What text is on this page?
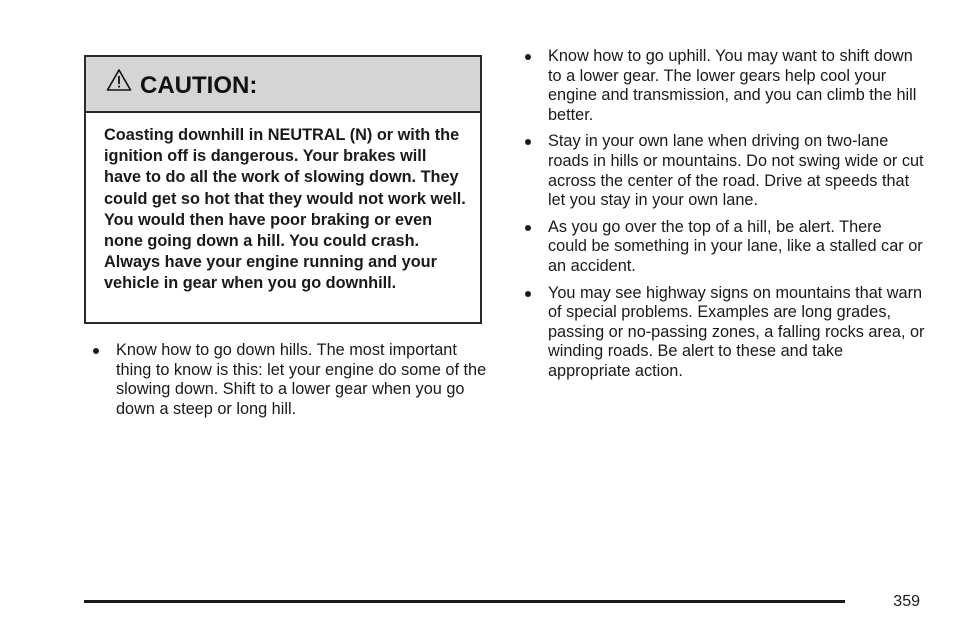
CAUTION:
Coasting downhill in NEUTRAL (N) or with the ignition off is dangerous. Your brakes will have to do all the work of slowing down. They could get so hot that they would not work well. You would then have poor braking or even none going down a hill. You could crash. Always have your engine running and your vehicle in gear when you go downhill.
Know how to go down hills. The most important thing to know is this: let your engine do some of the slowing down. Shift to a lower gear when you go down a steep or long hill.
Know how to go uphill. You may want to shift down to a lower gear. The lower gears help cool your engine and transmission, and you can climb the hill better.
Stay in your own lane when driving on two-lane roads in hills or mountains. Do not swing wide or cut across the center of the road. Drive at speeds that let you stay in your own lane.
As you go over the top of a hill, be alert. There could be something in your lane, like a stalled car or an accident.
You may see highway signs on mountains that warn of special problems. Examples are long grades, passing or no-passing zones, a falling rocks area, or winding roads. Be alert to these and take appropriate action.
359
